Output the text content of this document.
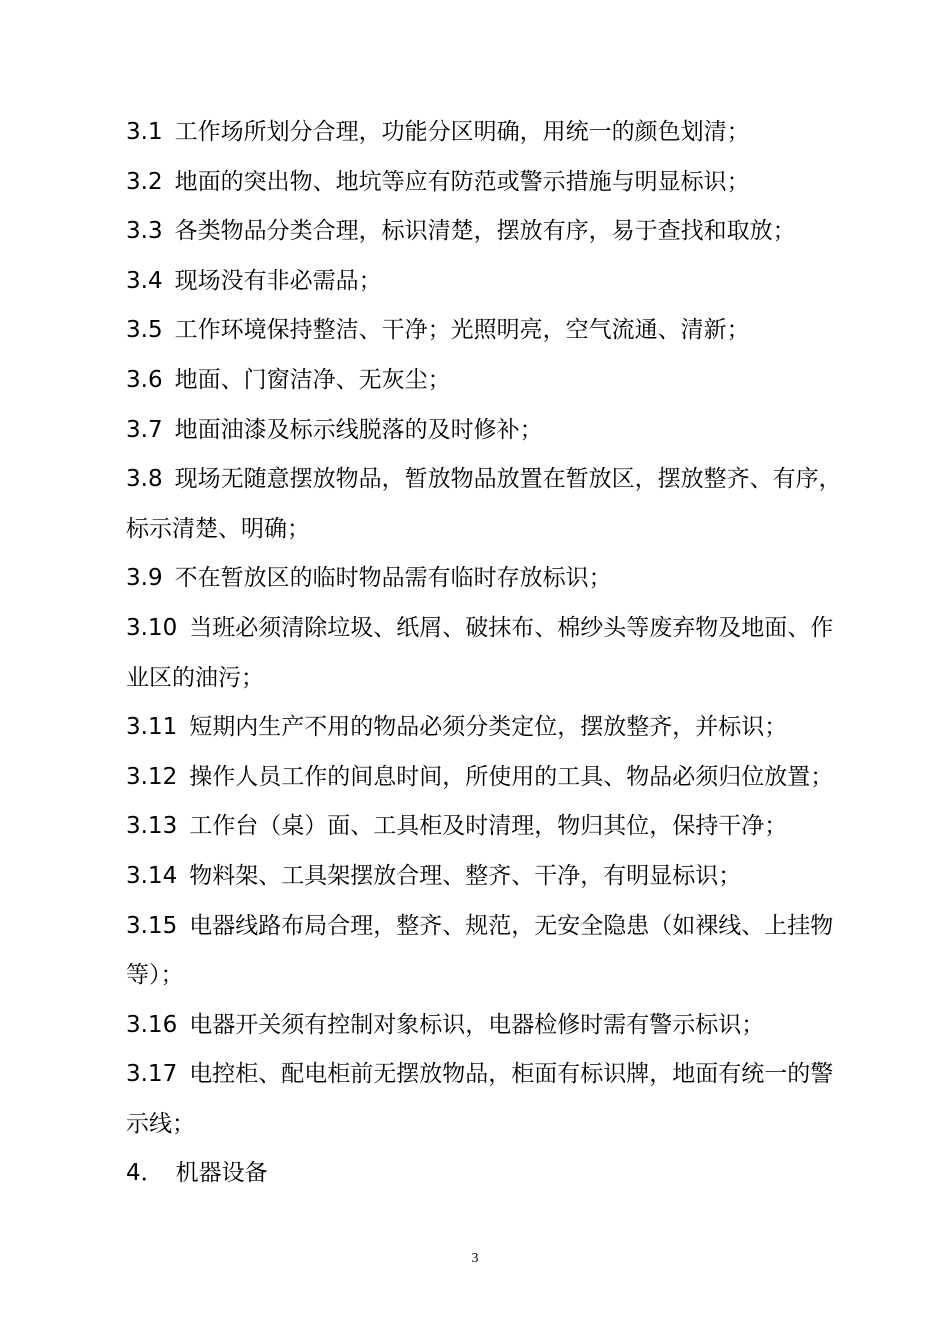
3.1 工作场所划分合理，功能分区明确，用统一的颜色划清；
3.2 地面的突出物、地坑等应有防范或警示措施与明显标识；
3.3 各类物品分类合理，标识清楚，摆放有序，易于查找和取放；
3.4 现场没有非必需品；
3.5 工作环境保持整洁、干净；光照明亮，空气流通、清新；
3.6 地面、门窗洁净、无灰尘；
3.7 地面油漆及标示线脱落的及时修补；
3.8 现场无随意摆放物品，暂放物品放置在暂放区，摆放整齐、有序，
标示清楚、明确；
3.9 不在暂放区的临时物品需有临时存放标识；
3.10 当班必须清除垃圾、纸屑、破抹布、棉纱头等废弃物及地面、作
业区的油污；
3.11 短期内生产不用的物品必须分类定位，摆放整齐，并标识；
3.12 操作人员工作的间息时间，所使用的工具、物品必须归位放置；
3.13 工作台（桌）面、工具柜及时清理，物归其位，保持干净；
3.14 物料架、工具架摆放合理、整齐、干净，有明显标识；
3.15 电器线路布局合理，整齐、规范，无安全隐患（如裸线、上挂物
等）；
3.16 电器开关须有控制对象标识，电器检修时需有警示标识；
3.17 电控柜、配电柜前无摆放物品，柜面有标识牌，地面有统一的警
示线；
4． 机器设备
3
